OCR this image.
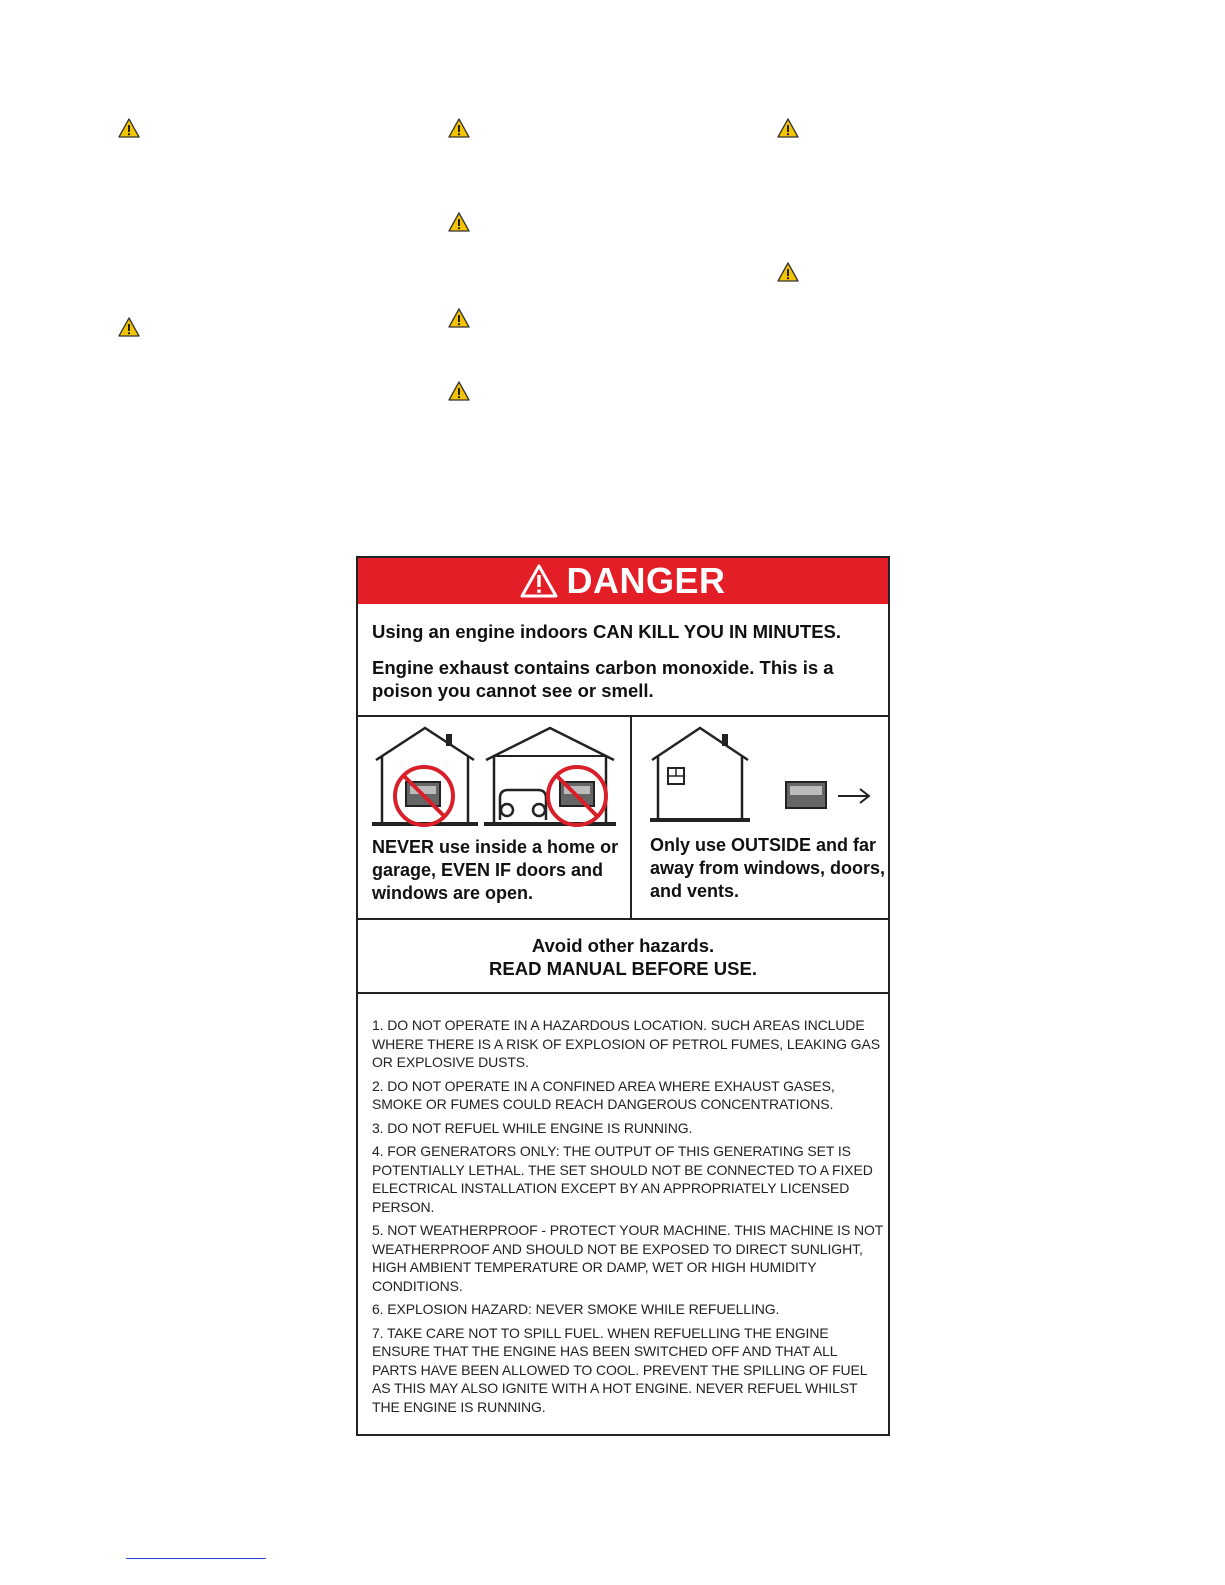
DANGER

Using an engine indoors CAN KILL YOU IN MINUTES.

Engine exhaust contains carbon monoxide. This is a poison you cannot see or smell.

NEVER use inside a home or garage, EVEN IF doors and windows are open.

Only use OUTSIDE and far away from windows, doors, and vents.

Avoid other hazards.

READ MANUAL BEFORE USE.

1. DO NOT OPERATE IN A HAZARDOUS LOCATION. SUCH AREAS INCLUDE WHERE THERE IS A RISK OF EXPLOSION OF PETROL FUMES, LEAKING GAS OR EXPLOSIVE DUSTS.
2. DO NOT OPERATE IN A CONFINED AREA WHERE EXHAUST GASES, SMOKE OR FUMES COULD REACH DANGEROUS CONCENTRATIONS.
3. DO NOT REFUEL WHILE ENGINE IS RUNNING.
4. FOR GENERATORS ONLY: THE OUTPUT OF THIS GENERATING SET IS POTENTIALLY LETHAL. THE SET SHOULD NOT BE CONNECTED TO A FIXED ELECTRICAL INSTALLATION EXCEPT BY AN APPROPRIATELY LICENSED PERSON.
5. NOT WEATHERPROOF - PROTECT YOUR MACHINE. THIS MACHINE IS NOT WEATHERPROOF AND SHOULD NOT BE EXPOSED TO DIRECT SUNLIGHT, HIGH AMBIENT TEMPERATURE OR DAMP, WET OR HIGH HUMIDITY CONDITIONS.
6. EXPLOSION HAZARD: NEVER SMOKE WHILE REFUELLING.
7. TAKE CARE NOT TO SPILL FUEL. WHEN REFUELLING THE ENGINE ENSURE THAT THE ENGINE HAS BEEN SWITCHED OFF AND THAT ALL PARTS HAVE BEEN ALLOWED TO COOL. PREVENT THE SPILLING OF FUEL AS THIS MAY ALSO IGNITE WITH A HOT ENGINE. NEVER REFUEL WHILST THE ENGINE IS RUNNING.
